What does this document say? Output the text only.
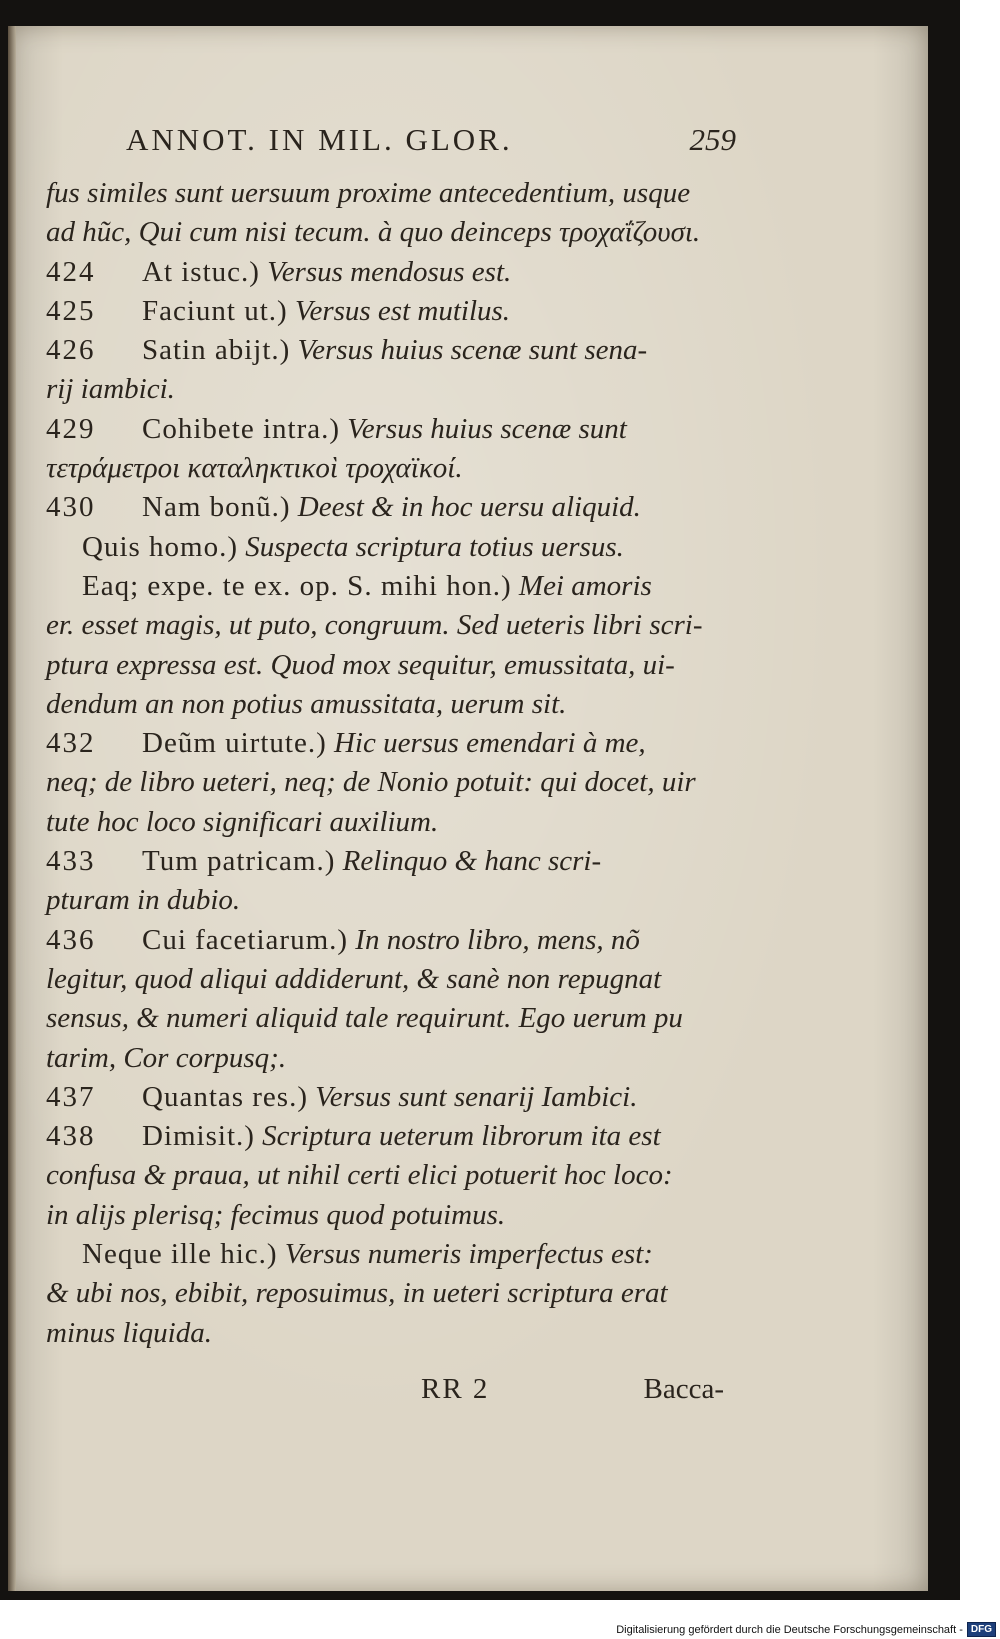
ANNOT. IN MIL. GLOR.	259
fus similes sunt uersuum proxime antecedentium, usque
ad hũc, Qui cum nisi tecum. à quo deinceps τροχαΐζουσι.
424 At istuc.) Versus mendosus est.
425 Faciunt ut.) Versus est mutilus.
426 Satin abijt.) Versus huius scenæ sunt sena-
rij iambici.
429 Cohibete intra.) Versus huius scenæ sunt
τετράμετροι καταληκτικοὶ τροχαϊκοί.
430 Nam bonũ.) Deest & in hoc uersu aliquid.
Quis homo.) Suspecta scriptura totius uersus.
Eaq; expe. te ex. op. S. mihi hon.) Mei amoris
er. esset magis, ut puto, congruum. Sed ueteris libri scri-
ptura expressa est. Quod mox sequitur, emussitata, ui-
dendum an non potius amussitata, uerum sit.
432 Deũm uirtute.) Hic uersus emendari à me,
neq; de libro ueteri, neq; de Nonio potuit: qui docet, uir
tute hoc loco significari auxilium.
433 Tum patricam.) Relinquo & hanc scri-
pturam in dubio.
436 Cui facetiarum.) In nostro libro, mens, nõ
legitur, quod aliqui addiderunt, & sanè non repugnat
sensus, & numeri aliquid tale requirunt. Ego uerum pu
tarim, Cor corpusq;.
437 Quantas res.) Versus sunt senarij Iambici.
438 Dimisit.) Scriptura ueterum librorum ita est
confusa & praua, ut nihil certi elici potuerit hoc loco:
in alijs plerisq; fecimus quod potuimus.
Neque ille hic.) Versus numeris imperfectus est:
& ubi nos, ebibit, reposuimus, in ueteri scriptura erat
minus liquida.
RR 2	Bacca-
Digitalisierung gefördert durch die Deutsche Forschungsgemeinschaft - DFG
